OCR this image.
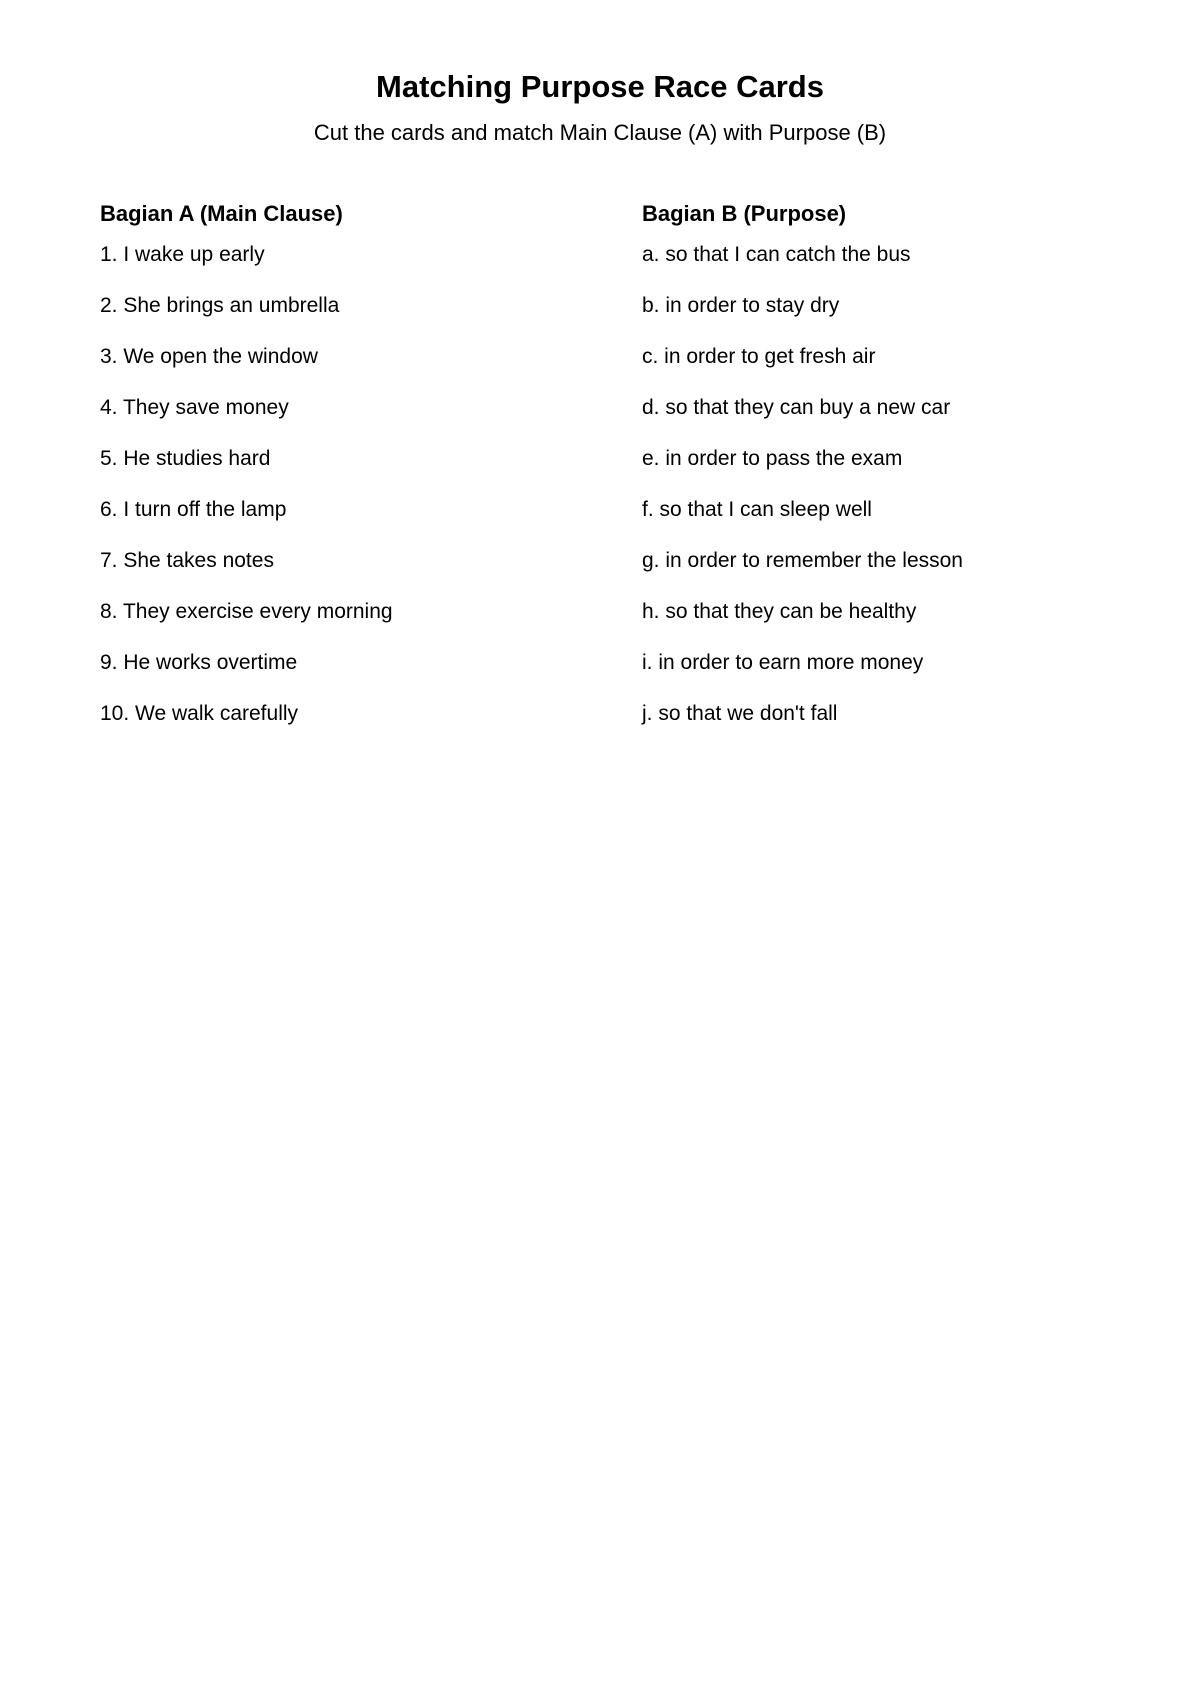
Matching Purpose Race Cards

Cut the cards and match Main Clause (A) with Purpose (B)

Bagian A (Main Clause)
1. I wake up early
2. She brings an umbrella
3. We open the window
4. They save money
5. He studies hard
6. I turn off the lamp
7. She takes notes
8. They exercise every morning
9. He works overtime
10. We walk carefully
Bagian B (Purpose)
a. so that I can catch the bus
b. in order to stay dry
c. in order to get fresh air
d. so that they can buy a new car
e. in order to pass the exam
f. so that I can sleep well
g. in order to remember the lesson
h. so that they can be healthy
i. in order to earn more money
j. so that we don't fall
